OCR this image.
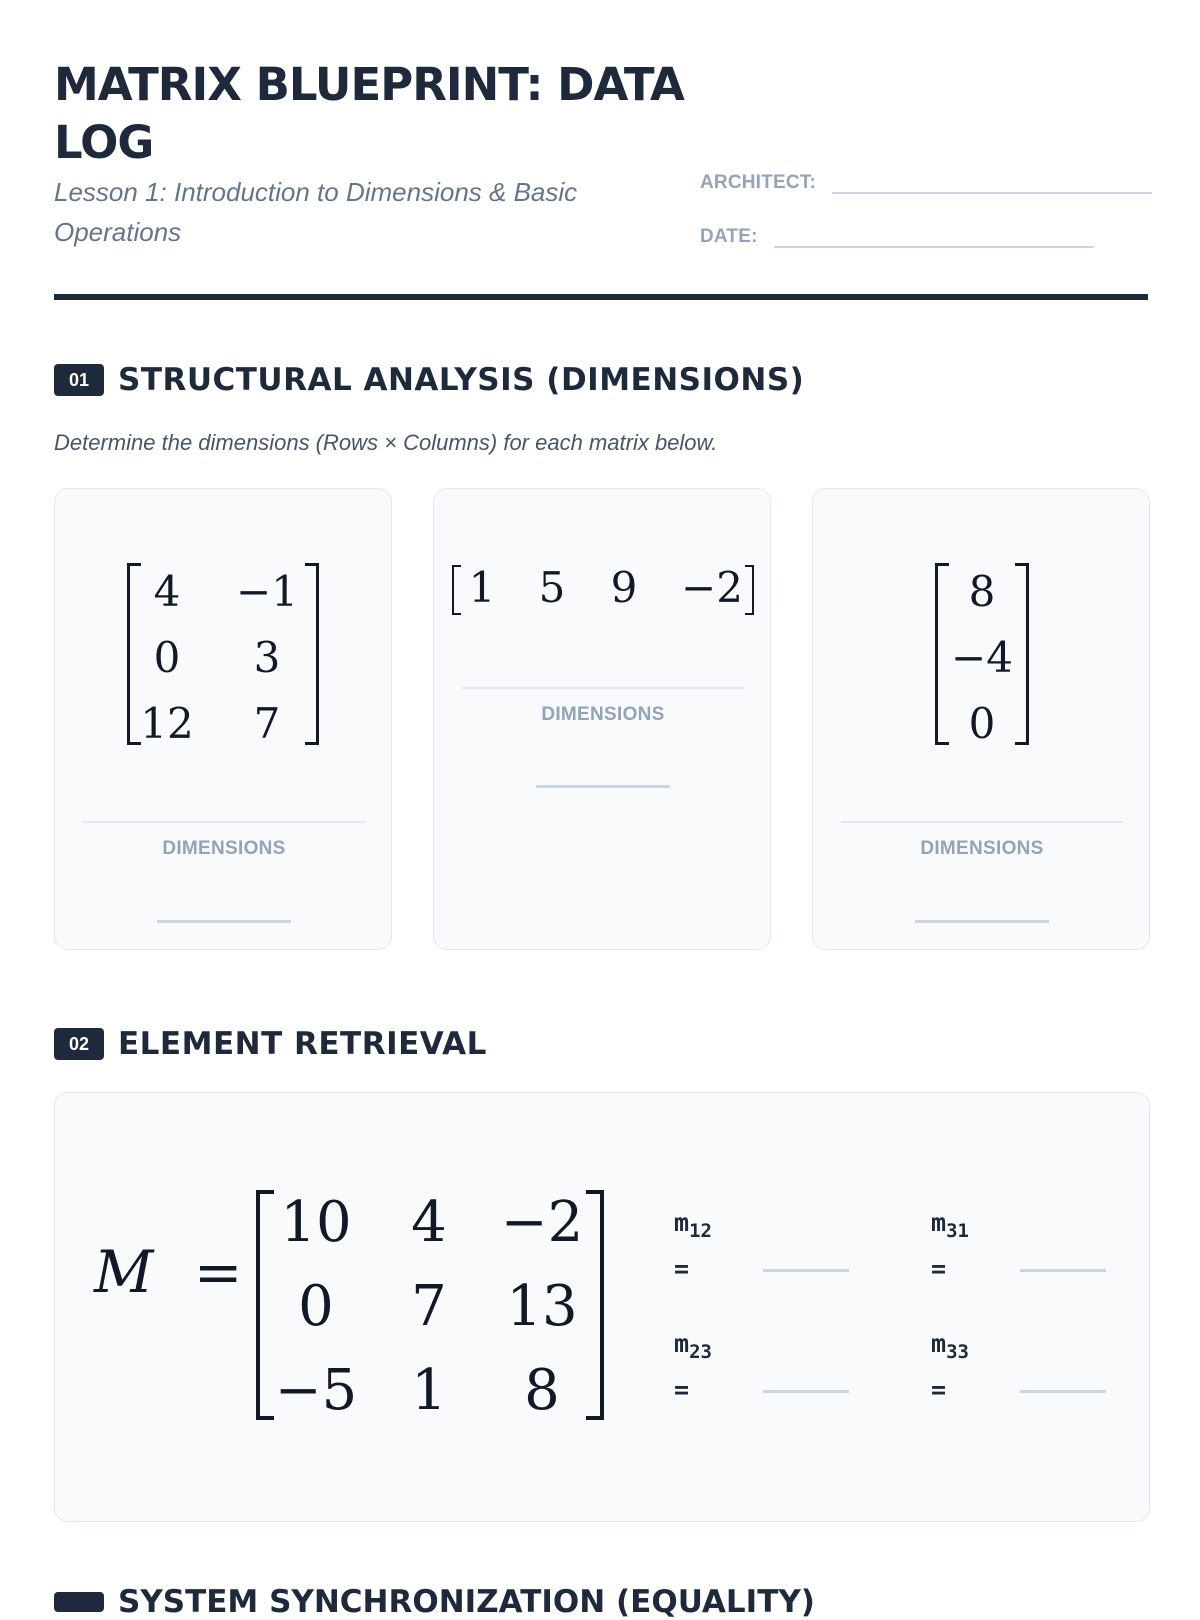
MATRIX BLUEPRINT: DATA LOG
Lesson 1: Introduction to Dimensions & Basic Operations
ARCHITECT:
DATE:
01 STRUCTURAL ANALYSIS (DIMENSIONS)
Determine the dimensions (Rows × Columns) for each matrix below.
4 −1
0 3
12 7
DIMENSIONS
1 5 9 −2
DIMENSIONS
8
−4
0
DIMENSIONS
02 ELEMENT RETRIEVAL
M =
10 4 −2
0 7 13
−5 1 8
$m_{12}$
=
$m_{31}$
=
$m_{23}$
=
$m_{33}$
=
SYSTEM SYNCHRONIZATION (EQUALITY)
